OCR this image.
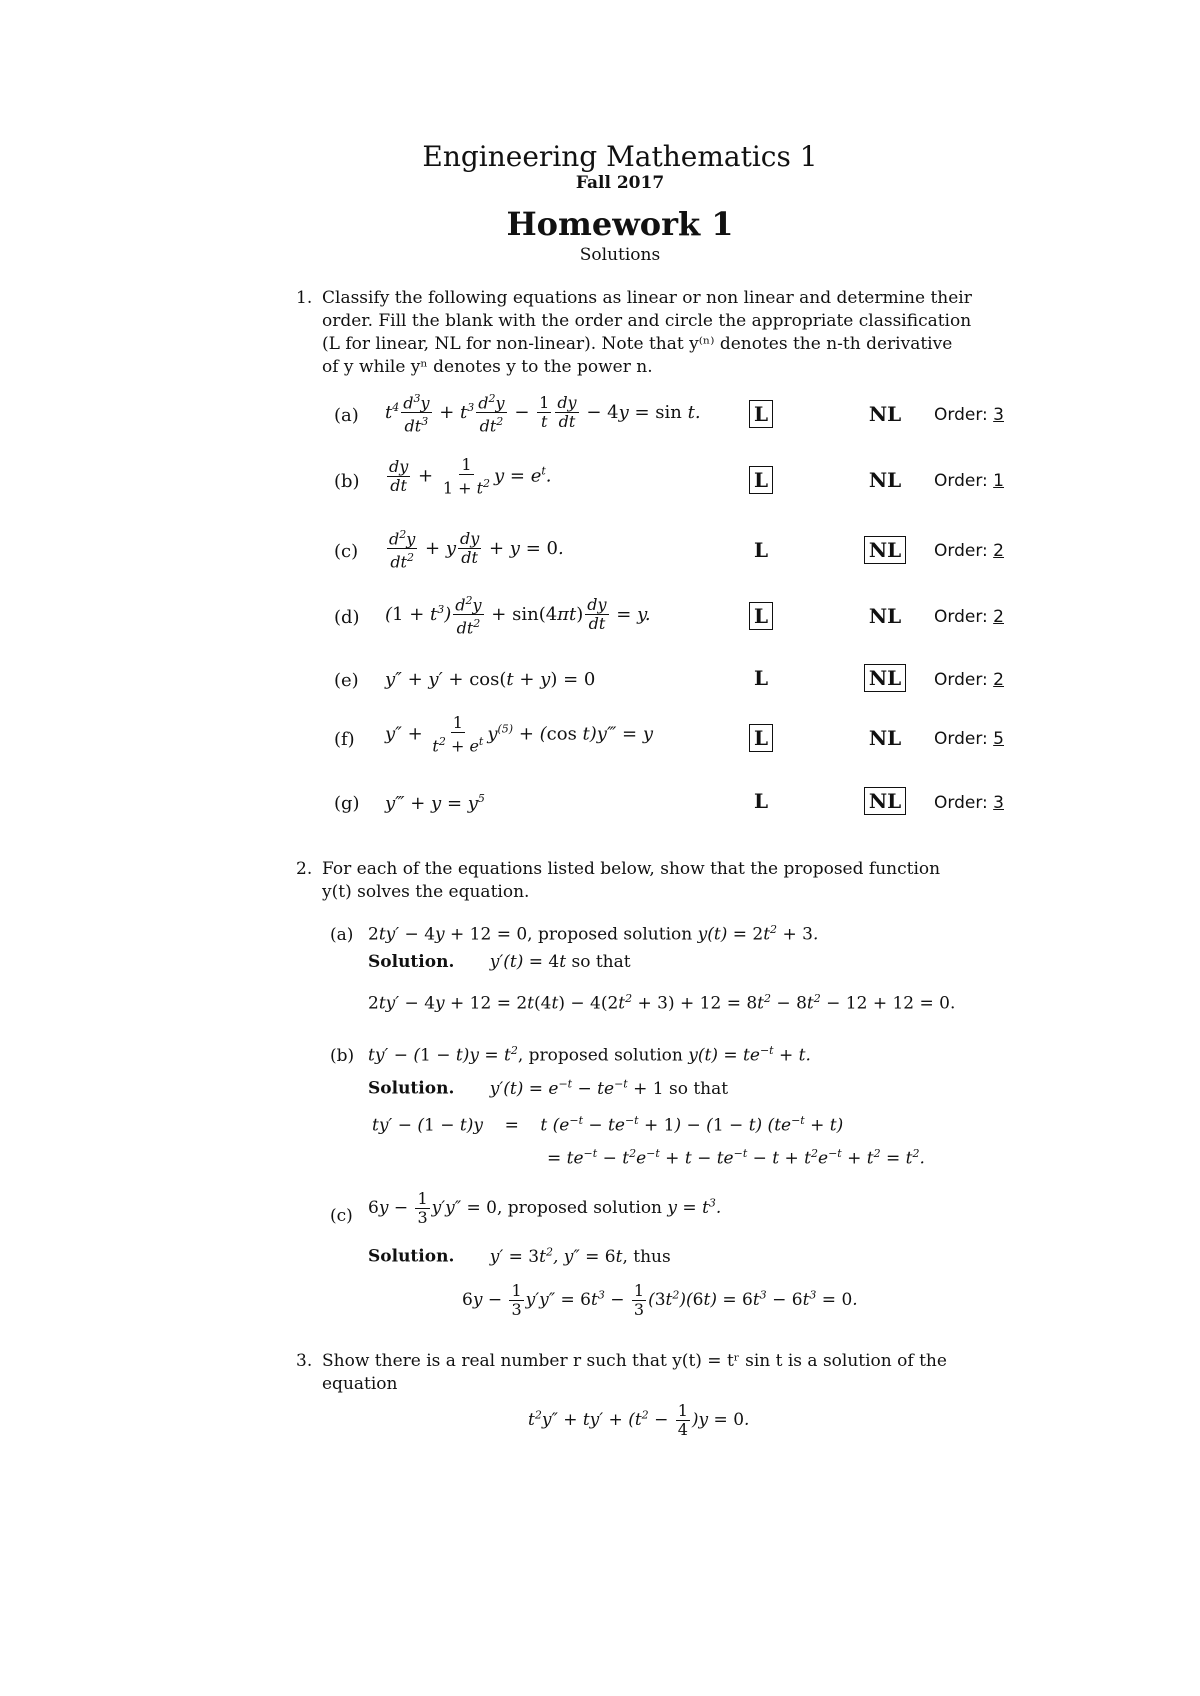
Engineering Mathematics 1
Fall 2017
Homework 1
Solutions
1. Classify the following equations as linear or non linear and determine their
order. Fill the blank with the order and circle the appropriate classification
(L for linear, NL for non-linear). Note that y⁽ⁿ⁾ denotes the n-th derivative
of y while yⁿ denotes y to the power n.
(a) $t^4 \frac{d^3y}{dt^3} + t^3 \frac{d^2y}{dt^2} - \frac{1}{t} \frac{dy}{dt} - 4y = \sin t$.	L	NL	Order: 3
$(b) \frac{dy}{dt} + \frac{1}{1 + t^2}$ $y = e^t$.	L	NL	Order: 1
$(c) \frac{d^2y}{dt^2} + y \frac{dy}{dt} + y = 0$.	L	NL	Order: 2
(d) $(1 + t^3) \frac{d^2y}{dt^2} + \sin(4\pi t) \frac{dy}{dt} = y$.	L	NL	Order: 2
(e) y″ + y′ + cos(t + y) = 0	L	NL	Order: 2
(f) $y'' + \frac{1}{t^2 + e^t} y^{(5)} + (\cos$ t)y‴ = y	L	NL	Order: 5
(g) y‴ + $y = y^5$	L	NL	Order: 3
2. For each of the equations listed below, show that the proposed function
y(t) solves the equation.
(a) 2ty′ − 4y + 12 = 0, proposed solution $y(t) = 2t^2 + 3$.
Solution. y′(t) = 4t so that
$2ty' - 4y + 12 = 2t(4t) - 4(2t^2 + 3) + 12 = 8t^2 - 8t^2 - 12 + 12 = 0$.
(b) $ty' - (1 - t)y = t^2$, proposed solution $y(t) = te^{-t} + t$.
Solution. $y'(t) = e^{-t} - te^{-t} + 1$ so that
ty′ − (1 − t)y    =    t $(e^{-t} - te^{-t} + 1) - (1 - t) (te^{-t} + t)$
= $te^{-t} - t^2e^{-t} + t - te^{-t} - t + t^2e^{-t} + t^2 = t^2$.
(c) $6y - \frac{1}{3} y'y'' = 0$, proposed solution $y = t^3$.
Solution. $y' = 3t^2$, y″ = 6t, thus
$6y - \frac{1}{3} y'y'' = 6t^3 - \frac{1}{3} (3t^2)(6t) = 6t^3 - 6t^3 = 0$.
3. Show there is a real number r such that y(t) = tʳ sin t is a solution of the
equation
$t^2y'' + ty' + (t^2 - \frac{1}{4} )y = 0$.
